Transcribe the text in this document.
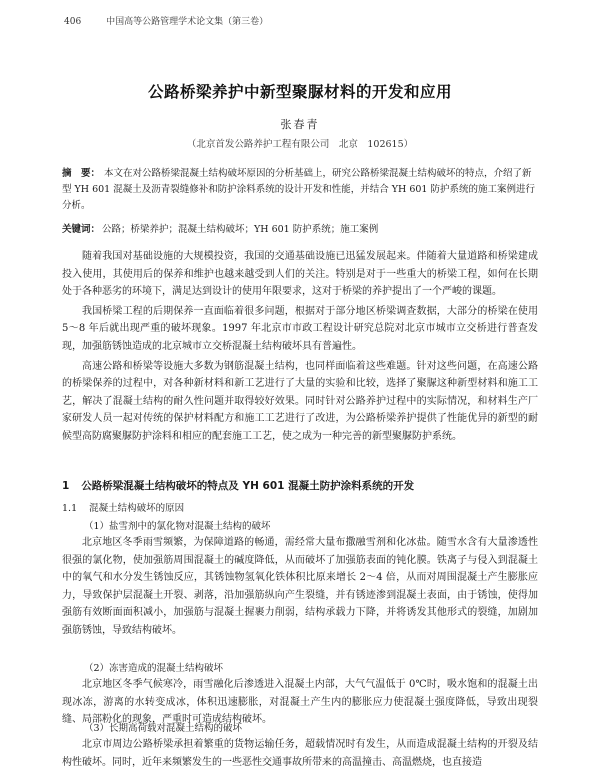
406	中国高等公路管理学术论文集（第三卷）
公路桥梁养护中新型聚脲材料的开发和应用
张春青
（北京首发公路养护工程有限公司　北京　102615）
摘　要： 本文在对公路桥梁混凝土结构破坏原因的分析基础上，研究公路桥梁混凝土结构破坏的特点，介绍了新型 YH 601 混凝土及沥青裂缝修补和防护涂料系统的设计开发和性能，并结合 YH 601 防护系统的施工案例进行分析。
关键词： 公路；桥梁养护；混凝土结构破坏；YH 601 防护系统；施工案例

随着我国对基础设施的大规模投资，我国的交通基础设施已迅猛发展起来。伴随着大量道路和桥梁建成投入使用，其使用后的保养和维护也越来越受到人们的关注。特别是对于一些重大的桥梁工程，如何在长期处于各种恶劣的环境下，满足达到设计的使用年限要求，这对于桥梁的养护提出了一个严峻的课题。

我国桥梁工程的后期保养一直面临着很多问题，根据对于部分地区桥梁调查数据，大部分的桥梁在使用 5～8 年后就出现严重的破坏现象。1997 年北京市市政工程设计研究总院对北京市城市立交桥进行普查发现，加强筋锈蚀造成的北京城市立交桥混凝土结构破坏具有普遍性。

高速公路和桥梁等设施大多数为钢筋混凝土结构，也同样面临着这些难题。针对这些问题，在高速公路的桥梁保养的过程中，对各种新材料和新工艺进行了大量的实验和比较，选择了聚脲这种新型材料和施工工艺，解决了混凝土结构的耐久性问题并取得较好效果。同时针对公路养护过程中的实际情况，和材料生产厂家研发人员一起对传统的保护材料配方和施工工艺进行了改进，为公路桥梁养护提供了性能优异的新型的耐候型高防腐聚脲防护涂料和相应的配套施工工艺，使之成为一种完善的新型聚脲防护系统。

1 公路桥梁混凝土结构破坏的特点及 YH 601 混凝土防护涂料系统的开发
1.1 混凝土结构破坏的原因
（1）盐雪剂中的氯化物对混凝土结构的破坏

北京地区冬季雨雪频繁，为保障道路的畅通，需经常大量布撒融雪剂和化冰盐。随雪水含有大量渗透性很强的氯化物，使加强筋周围混凝土的碱度降低，从而破坏了加强筋表面的钝化膜。铁离子与侵入到混凝土中的氧气和水分发生锈蚀反应，其锈蚀物氢氧化铁体积比原来增长 2～4 倍，从而对周围混凝土产生膨胀应力，导致保护层混凝土开裂、剥落，沿加强筋纵向产生裂缝，并有锈迹渗到混凝土表面，由于锈蚀，使得加强筋有效断面面积减小，加强筋与混凝土握裹力削弱，结构承载力下降，并将诱发其他形式的裂缝，加剧加强筋锈蚀，导致结构破坏。

（2）冻害造成的混凝土结构破坏

北京地区冬季气候寒冷，雨雪融化后渗透进入混凝土内部，大气气温低于 0℃时，吸水饱和的混凝土出现冰冻，游离的水转变成冰，体积迅速膨胀，对混凝土产生内的膨胀应力使混凝土强度降低，导致出现裂缝、局部粉化的现象，严重时可造成结构破坏。

（3）长期高荷载对混凝土结构的破坏

北京市周边公路桥梁承担着繁重的货物运输任务，超载情况时有发生，从而造成混凝土结构的开裂及结构性破坏。同时，近年来频繁发生的一些恶性交通事故所带来的高温撞击、高温燃烧，也直接造
